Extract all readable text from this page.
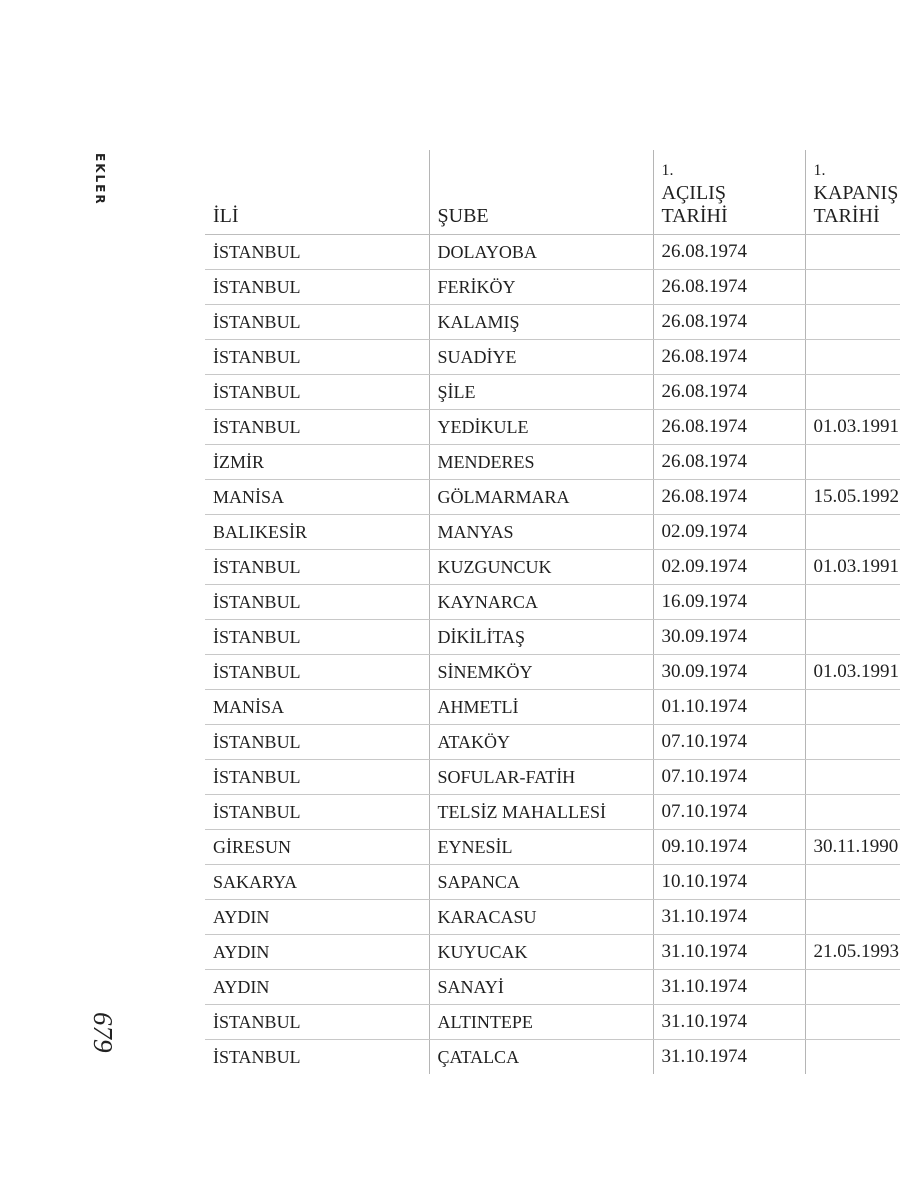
EKLER
679
İLİ	ŞUBE	1.
AÇILIŞ
TARİHİ	1.
KAPANIŞ
TARİHİ

İSTANBUL	DOLAYOBA	26.08.1974	
İSTANBUL	FERİKÖY	26.08.1974	
İSTANBUL	KALAMIŞ	26.08.1974	
İSTANBUL	SUADİYE	26.08.1974	
İSTANBUL	ŞİLE	26.08.1974	
İSTANBUL	YEDİKULE	26.08.1974	01.03.1991
İZMİR	MENDERES	26.08.1974	
MANİSA	GÖLMARMARA	26.08.1974	15.05.1992
BALIKESİR	MANYAS	02.09.1974	
İSTANBUL	KUZGUNCUK	02.09.1974	01.03.1991
İSTANBUL	KAYNARCA	16.09.1974	
İSTANBUL	DİKİLİTAŞ	30.09.1974	
İSTANBUL	SİNEMKÖY	30.09.1974	01.03.1991
MANİSA	AHMETLİ	01.10.1974	
İSTANBUL	ATAKÖY	07.10.1974	
İSTANBUL	SOFULAR-FATİH	07.10.1974	
İSTANBUL	TELSİZ MAHALLESİ	07.10.1974	
GİRESUN	EYNESİL	09.10.1974	30.11.1990
SAKARYA	SAPANCA	10.10.1974	
AYDIN	KARACASU	31.10.1974	
AYDIN	KUYUCAK	31.10.1974	21.05.1993
AYDIN	SANAYİ	31.10.1974	
İSTANBUL	ALTINTEPE	31.10.1974	
İSTANBUL	ÇATALCA	31.10.1974	
